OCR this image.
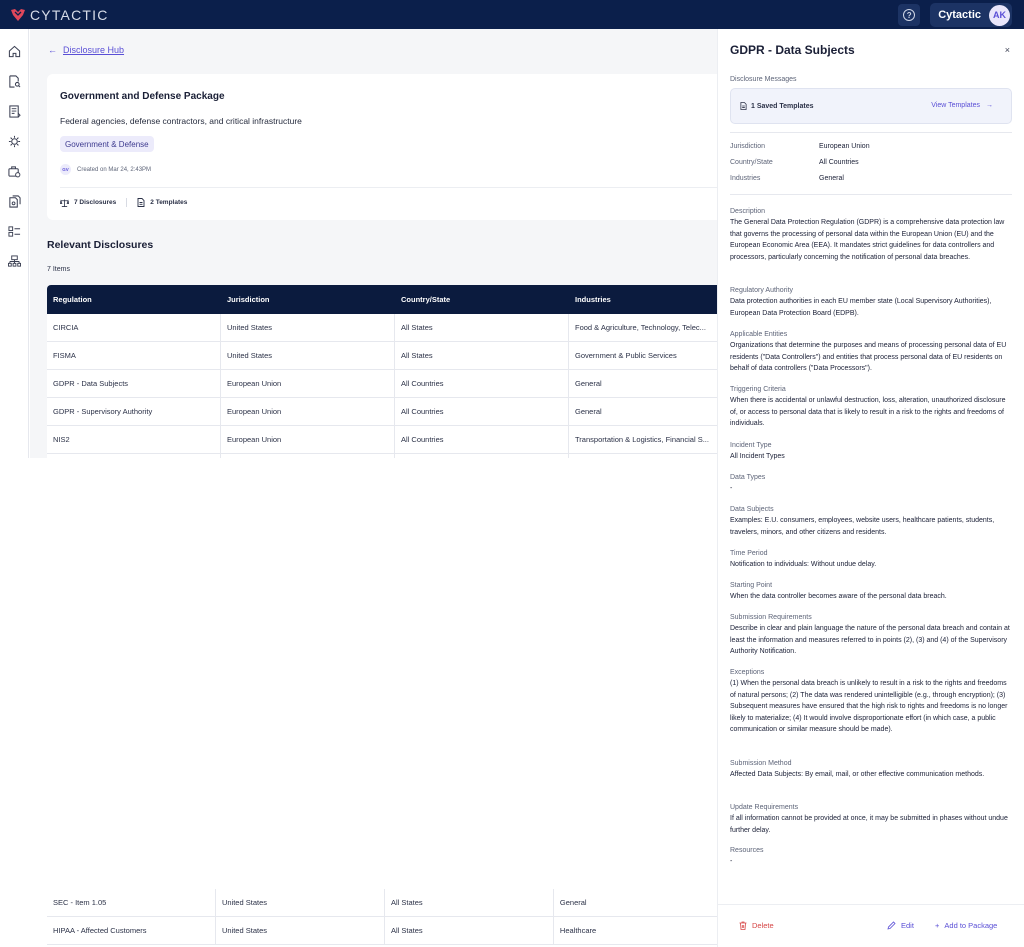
CYTACTIC	?	Cytactic	AK
← Disclosure Hub
Government and Defense Package
Federal agencies, defense contractors, and critical infrastructure
Government & Defense
GV	Created on Mar 24, 2:43PM
7 Disclosures	2 Templates
Relevant Disclosures
7 Items
Regulation	Jurisdiction	Country/State	Industries
CIRCIA	United States	All States	Food & Agriculture, Technology, Telec...
FISMA	United States	All States	Government & Public Services
GDPR - Data Subjects	European Union	All Countries	General
GDPR - Supervisory Authority	European Union	All Countries	General
NIS2	European Union	All Countries	Transportation & Logistics, Financial S...
SEC - Item 1.05	United States	All States	General
HIPAA - Affected Customers	United States	All States	Healthcare
GDPR - Data Subjects	×
Disclosure Messages
1 Saved Templates	View Templates →
Jurisdiction	European Union
Country/State	All Countries
Industries	General
Description
The General Data Protection Regulation (GDPR) is a comprehensive data protection law that governs the processing of personal data within the European Union (EU) and the European Economic Area (EEA). It mandates strict guidelines for data controllers and processors, particularly concerning the notification of personal data breaches.
Regulatory Authority
Data protection authorities in each EU member state (Local Supervisory Authorities), European Data Protection Board (EDPB).
Applicable Entities
Organizations that determine the purposes and means of processing personal data of EU residents ("Data Controllers") and entities that process personal data of EU residents on behalf of data controllers ("Data Processors").
Triggering Criteria
When there is accidental or unlawful destruction, loss, alteration, unauthorized disclosure of, or access to personal data that is likely to result in a risk to the rights and freedoms of individuals.
Incident Type
All Incident Types
Data Types
-
Data Subjects
Examples: E.U. consumers, employees, website users, healthcare patients, students, travelers, minors, and other citizens and residents.
Time Period
Notification to individuals: Without undue delay.
Starting Point
When the data controller becomes aware of the personal data breach.
Submission Requirements
Describe in clear and plain language the nature of the personal data breach and contain at least the information and measures referred to in points (2), (3) and (4) of the Supervisory Authority Notification.
Exceptions
(1) When the personal data breach is unlikely to result in a risk to the rights and freedoms of natural persons; (2) The data was rendered unintelligible (e.g., through encryption); (3) Subsequent measures have ensured that the high risk to rights and freedoms is no longer likely to materialize; (4) It would involve disproportionate effort (in which case, a public communication or similar measure should be made).
Submission Method
Affected Data Subjects: By email, mail, or other effective communication methods.
Update Requirements
If all information cannot be provided at once, it may be submitted in phases without undue further delay.
Resources
-
Delete	Edit	+ Add to Package
